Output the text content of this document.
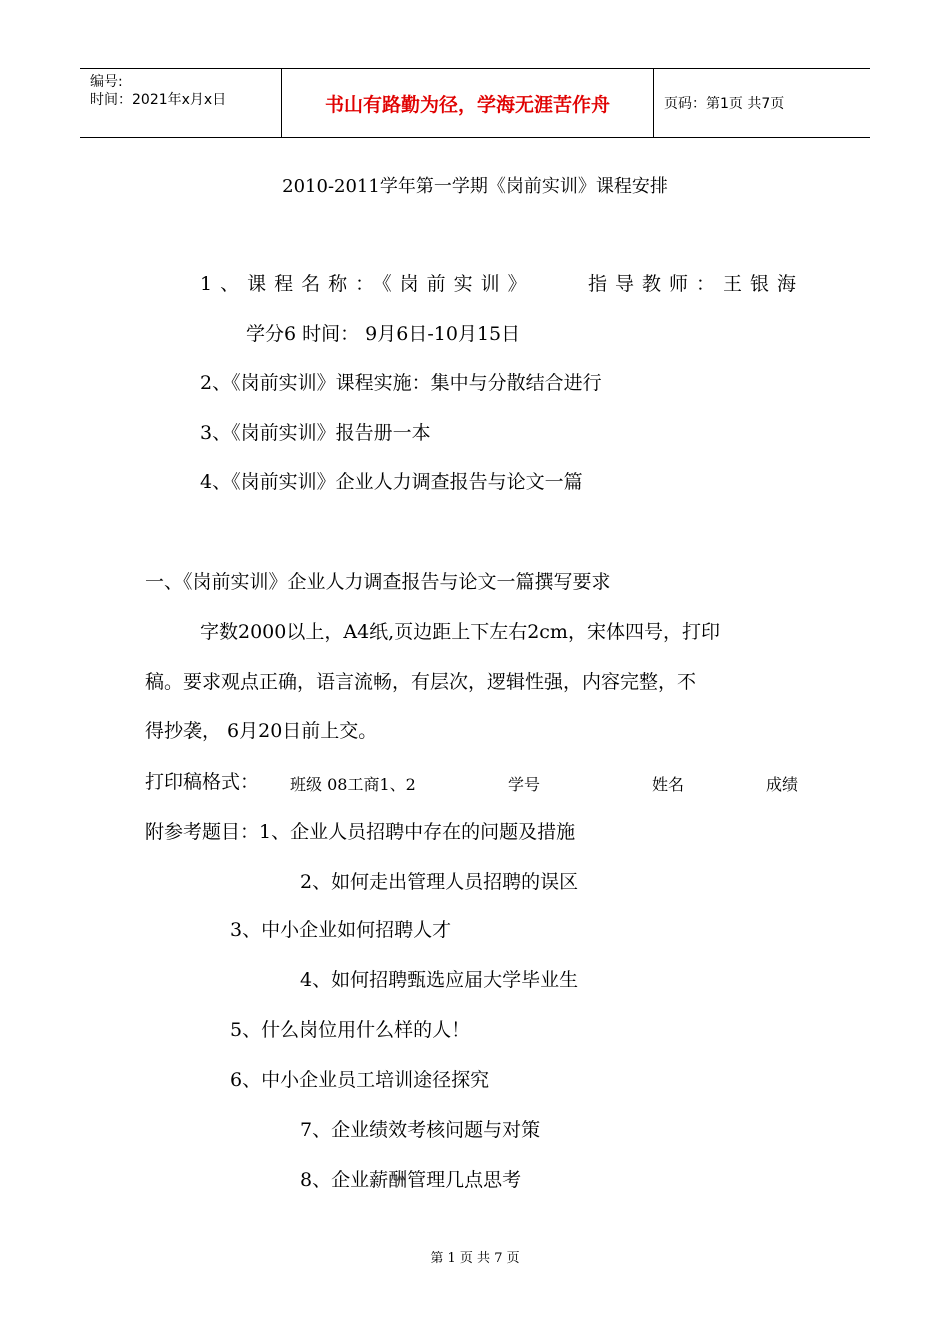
编号:
时间：2021年x月x日	书山有路勤为径，学海无涯苦作舟	页码：第1页 共7页
2010-2011学年第一学期《岗前实训》课程安排
1、课程名称：《岗前实训》	指导教师：王银海
学分6 时间： 9月6日-10月15日
2、《岗前实训》课程实施：集中与分散结合进行
3、《岗前实训》报告册一本
4、《岗前实训》企业人力调查报告与论文一篇
一、《岗前实训》企业人力调查报告与论文一篇撰写要求
字数2000以上，A4纸,页边距上下左右2cm，宋体四号，打印
稿。要求观点正确，语言流畅，有层次，逻辑性强，内容完整，不
得抄袭， 6月20日前上交。
打印稿格式： 班级 08工商1、2	学号	姓名	成绩
附参考题目：1、企业人员招聘中存在的问题及措施
2、如何走出管理人员招聘的误区
3、中小企业如何招聘人才
4、如何招聘甄选应届大学毕业生
5、什么岗位用什么样的人！
6、中小企业员工培训途径探究
7、企业绩效考核问题与对策
8、企业薪酬管理几点思考
第 1 页 共 7 页
